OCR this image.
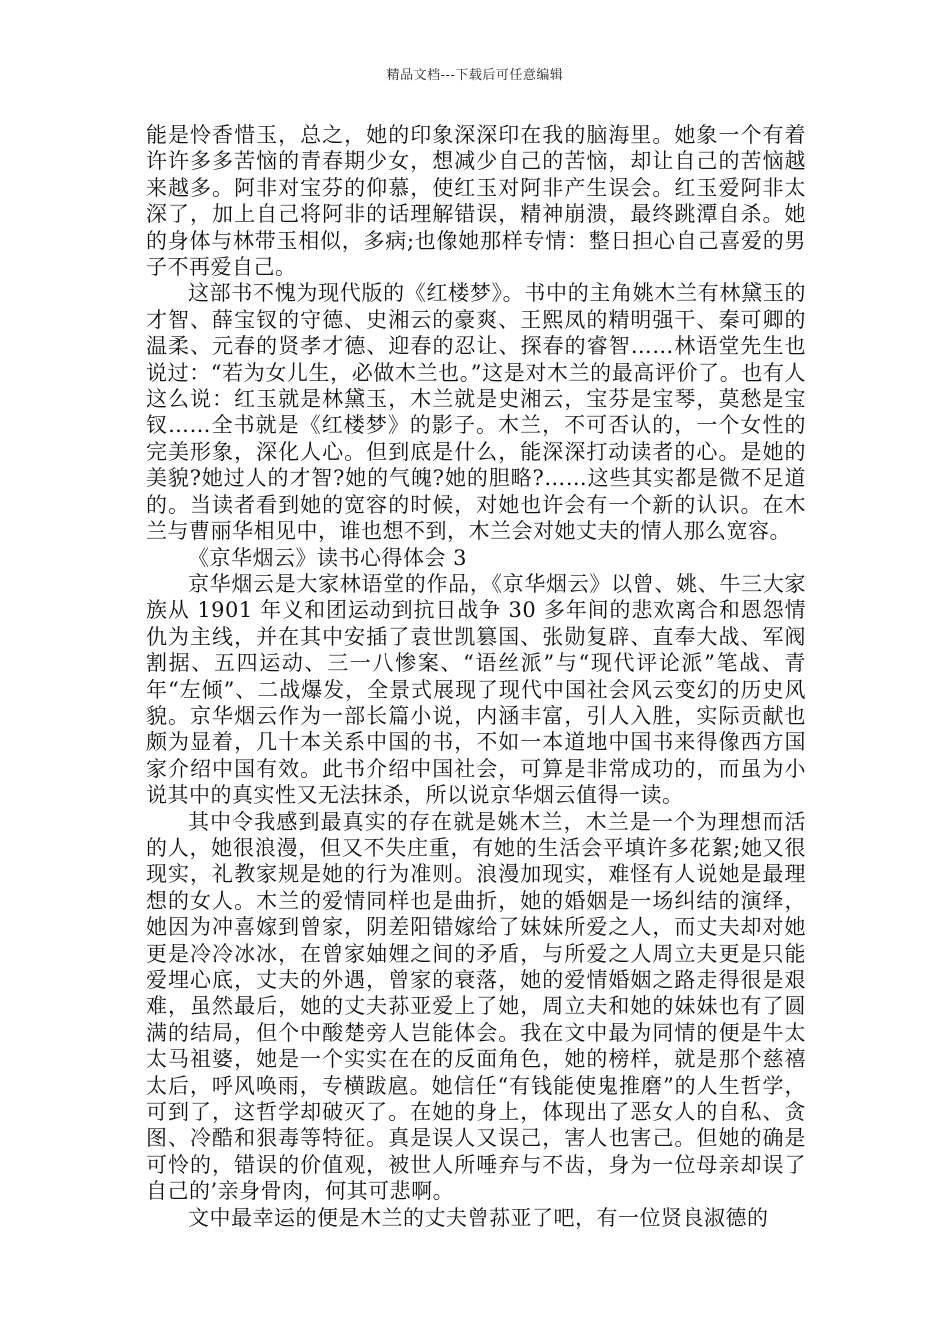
精品文档---下载后可任意编辑

能是怜香惜玉，总之，她的印象深深印在我的脑海里。她象一个有着许许多多苦恼的青春期少女，想减少自己的苦恼，却让自己的苦恼越来越多。阿非对宝芬的仰慕，使红玉对阿非产生误会。红玉爱阿非太深了，加上自己将阿非的话理解错误，精神崩溃，最终跳潭自杀。她的身体与林带玉相似，多病;也像她那样专情：整日担心自己喜爱的男子不再爱自己。

这部书不愧为现代版的《红楼梦》。书中的主角姚木兰有林黛玉的才智、薛宝钗的守德、史湘云的豪爽、王熙凤的精明强干、秦可卿的温柔、元春的贤孝才德、迎春的忍让、探春的睿智……林语堂先生也说过：“若为女儿生，必做木兰也。”这是对木兰的最高评价了。也有人这么说：红玉就是林黛玉，木兰就是史湘云，宝芬是宝琴，莫愁是宝钗……全书就是《红楼梦》的影子。木兰，不可否认的，一个女性的完美形象，深化人心。但到底是什么，能深深打动读者的心。是她的美貌?她过人的才智?她的气魄?她的胆略?……这些其实都是微不足道的。当读者看到她的宽容的时候，对她也许会有一个新的认识。在木兰与曹丽华相见中，谁也想不到，木兰会对她丈夫的情人那么宽容。

《京华烟云》读书心得体会 3

京华烟云是大家林语堂的作品，《京华烟云》以曾、姚、牛三大家族从 1901 年义和团运动到抗日战争 30 多年间的悲欢离合和恩怨情仇为主线，并在其中安插了袁世凯篡国、张勋复辟、直奉大战、军阀割据、五四运动、三一八惨案、“语丝派”与“现代评论派”笔战、青年“左倾”、二战爆发，全景式展现了现代中国社会风云变幻的历史风貌。京华烟云作为一部长篇小说，内涵丰富，引人入胜，实际贡献也颇为显着，几十本关系中国的书，不如一本道地中国书来得像西方国家介绍中国有效。此书介绍中国社会，可算是非常成功的，而虽为小说其中的真实性又无法抹杀，所以说京华烟云值得一读。

其中令我感到最真实的存在就是姚木兰，木兰是一个为理想而活的人，她很浪漫，但又不失庄重，有她的生活会平填许多花絮;她又很现实，礼教家规是她的行为准则。浪漫加现实，难怪有人说她是最理想的女人。木兰的爱情同样也是曲折，她的婚姻是一场纠结的演绎，她因为冲喜嫁到曾家，阴差阳错嫁给了妹妹所爱之人，而丈夫却对她更是冷冷冰冰，在曾家妯娌之间的矛盾，与所爱之人周立夫更是只能爱埋心底，丈夫的外遇，曾家的衰落，她的爱情婚姻之路走得很是艰难，虽然最后，她的丈夫荪亚爱上了她，周立夫和她的妹妹也有了圆满的结局，但个中酸楚旁人岂能体会。我在文中最为同情的便是牛太太马祖婆，她是一个实实在在的反面角色，她的榜样，就是那个慈禧太后，呼风唤雨，专横跋扈。她信任“有钱能使鬼推磨”的人生哲学，可到了，这哲学却破灭了。在她的身上，体现出了恶女人的自私、贪图、冷酷和狠毒等特征。真是误人又误己，害人也害己。但她的确是可怜的，错误的价值观，被世人所唾弃与不齿，身为一位母亲却误了自己的’亲身骨肉，何其可悲啊。

文中最幸运的便是木兰的丈夫曾荪亚了吧，有一位贤良淑德的
